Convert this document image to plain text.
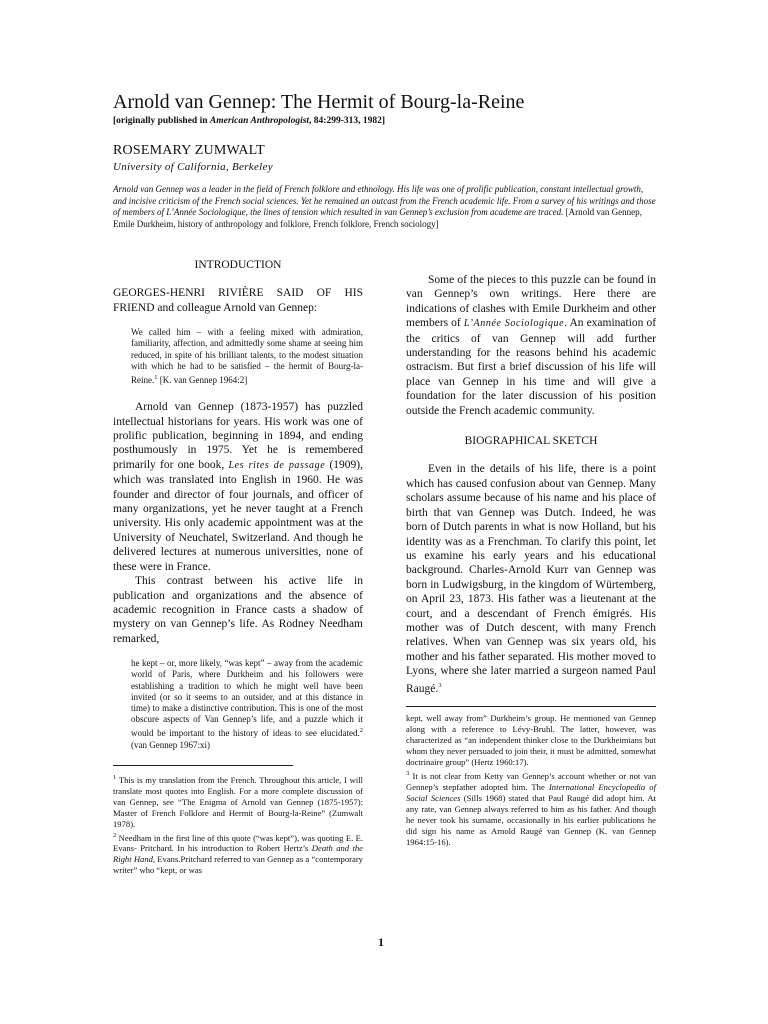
Arnold van Gennep: The Hermit of Bourg-la-Reine
[originally published in American Anthropologist, 84:299-313, 1982]
ROSEMARY ZUMWALT
University of California, Berkeley
Arnold van Gennep was a leader in the field of French folklore and ethnology. His life was one of prolific publication, constant intellectual growth, and incisive criticism of the French social sciences. Yet he remained an outcast from the French academic life. From a survey of his writings and those of members of L’Année Sociologique, the lines of tension which resulted in van Gennep’s exclusion from academe are traced. [Arnold van Gennep, Emile Durkheim, history of anthropology and folklore, French folklore, French sociology]
INTRODUCTION

GEORGES-HENRI RIVIÈRE SAID OF HIS FRIEND and colleague Arnold van Gennep:

We called him – with a feeling mixed with admiration, familiarity, affection, and admittedly some shame at seeing him reduced, in spite of his brilliant talents, to the modest situation with which he had to be satisfied – the hermit of Bourg-la-Reine.$^1$ [K. van Gennep 1964:2]

Arnold van Gennep (1873-1957) has puzzled intellectual historians for years. His work was one of prolific publication, beginning in 1894, and ending posthumously in 1975. Yet he is remembered primarily for one book, Les rites de passage (1909), which was translated into English in 1960. He was founder and director of four journals, and officer of many organizations, yet he never taught at a French university. His only academic appointment was at the University of Neuchatel, Switzerland. And though he delivered lectures at numerous universities, none of these were in France.

This contrast between his active life in publication and organizations and the absence of academic recognition in France casts a shadow of mystery on van Gennep’s life. As Rodney Needham remarked,

he kept – or, more likely, “was kept” – away from the academic world of Paris, where Durkheim and his followers were establishing a tradition to which he might well have been invited (or so it seems to an outsider, and at this distance in time) to make a distinctive contribution. This is one of the most obscure aspects of Van Gennep’s life, and a puzzle which it would be important to the history of ideas to see elucidated.$^2$ (van Gennep 1967:xi)

$^1$ This is my translation from the French. Throughout this article, I will translate most quotes into English. For a more complete discussion of van Gennep, see “The Enigma of Arnold van Gennep (1875-1957): Master of French Folklore and Hermit of Bourg-la-Reine” (Zumwalt 1978).

$^2$ Needham in the first line of this quote (“was kept”), was quoting E. E. Evans- Pritchard. In his introduction to Robert Hertz’s Death and the Right Hand, Evans.Pritchard referred to van Gennep as a “contemporary writer” who “kept, or was

Some of the pieces to this puzzle can be found in van Gennep’s own writings. Here there are indications of clashes with Emile Durkheim and other members of L’Année Sociologique. An examination of the critics of van Gennep will add further understanding for the reasons behind his academic ostracism. But first a brief discussion of his life will place van Gennep in his time and will give a foundation for the later discussion of his position outside the French academic community.

BIOGRAPHICAL SKETCH

Even in the details of his life, there is a point which has caused confusion about van Gennep. Many scholars assume because of his name and his place of birth that van Gennep was Dutch. Indeed, he was born of Dutch parents in what is now Holland, but his identity was as a Frenchman. To clarify this point, let us examine his early years and his educational background. Charles-Arnold Kurr van Gennep was born in Ludwigsburg, in the kingdom of Würtemberg, on April 23, 1873. His father was a lieutenant at the court, and a descendant of French émigrés. His mother was of Dutch descent, with many French relatives. When van Gennep was six years old, his mother and his father separated. His mother moved to Lyons, where she later married a surgeon named Paul Raugé.$^3$

kept, well away from” Durkheim’s group. He mentioned van Gennep along with a reference to Lévy-Bruhl. The latter, however, was characterized as “an independent thinker close to the Durkheimians but whom they never persuaded to join their, it must be admitted, somewhat doctrinaire group” (Hertz 1960:17).

$^3$ It is not clear from Ketty van Gennep’s account whether or not van Gennep’s stepfather adopted him. The International Encyclopedia of Social Sciences (Sills 1968) stated that Paul Raugé did adopt him. At any rate, van Gennep always referred to him as his father. And though he never took his surname, occasionally in his earlier publications he did sign his name as Arnold Raugé van Gennep (K. van Gennep 1964:15-16).

1
